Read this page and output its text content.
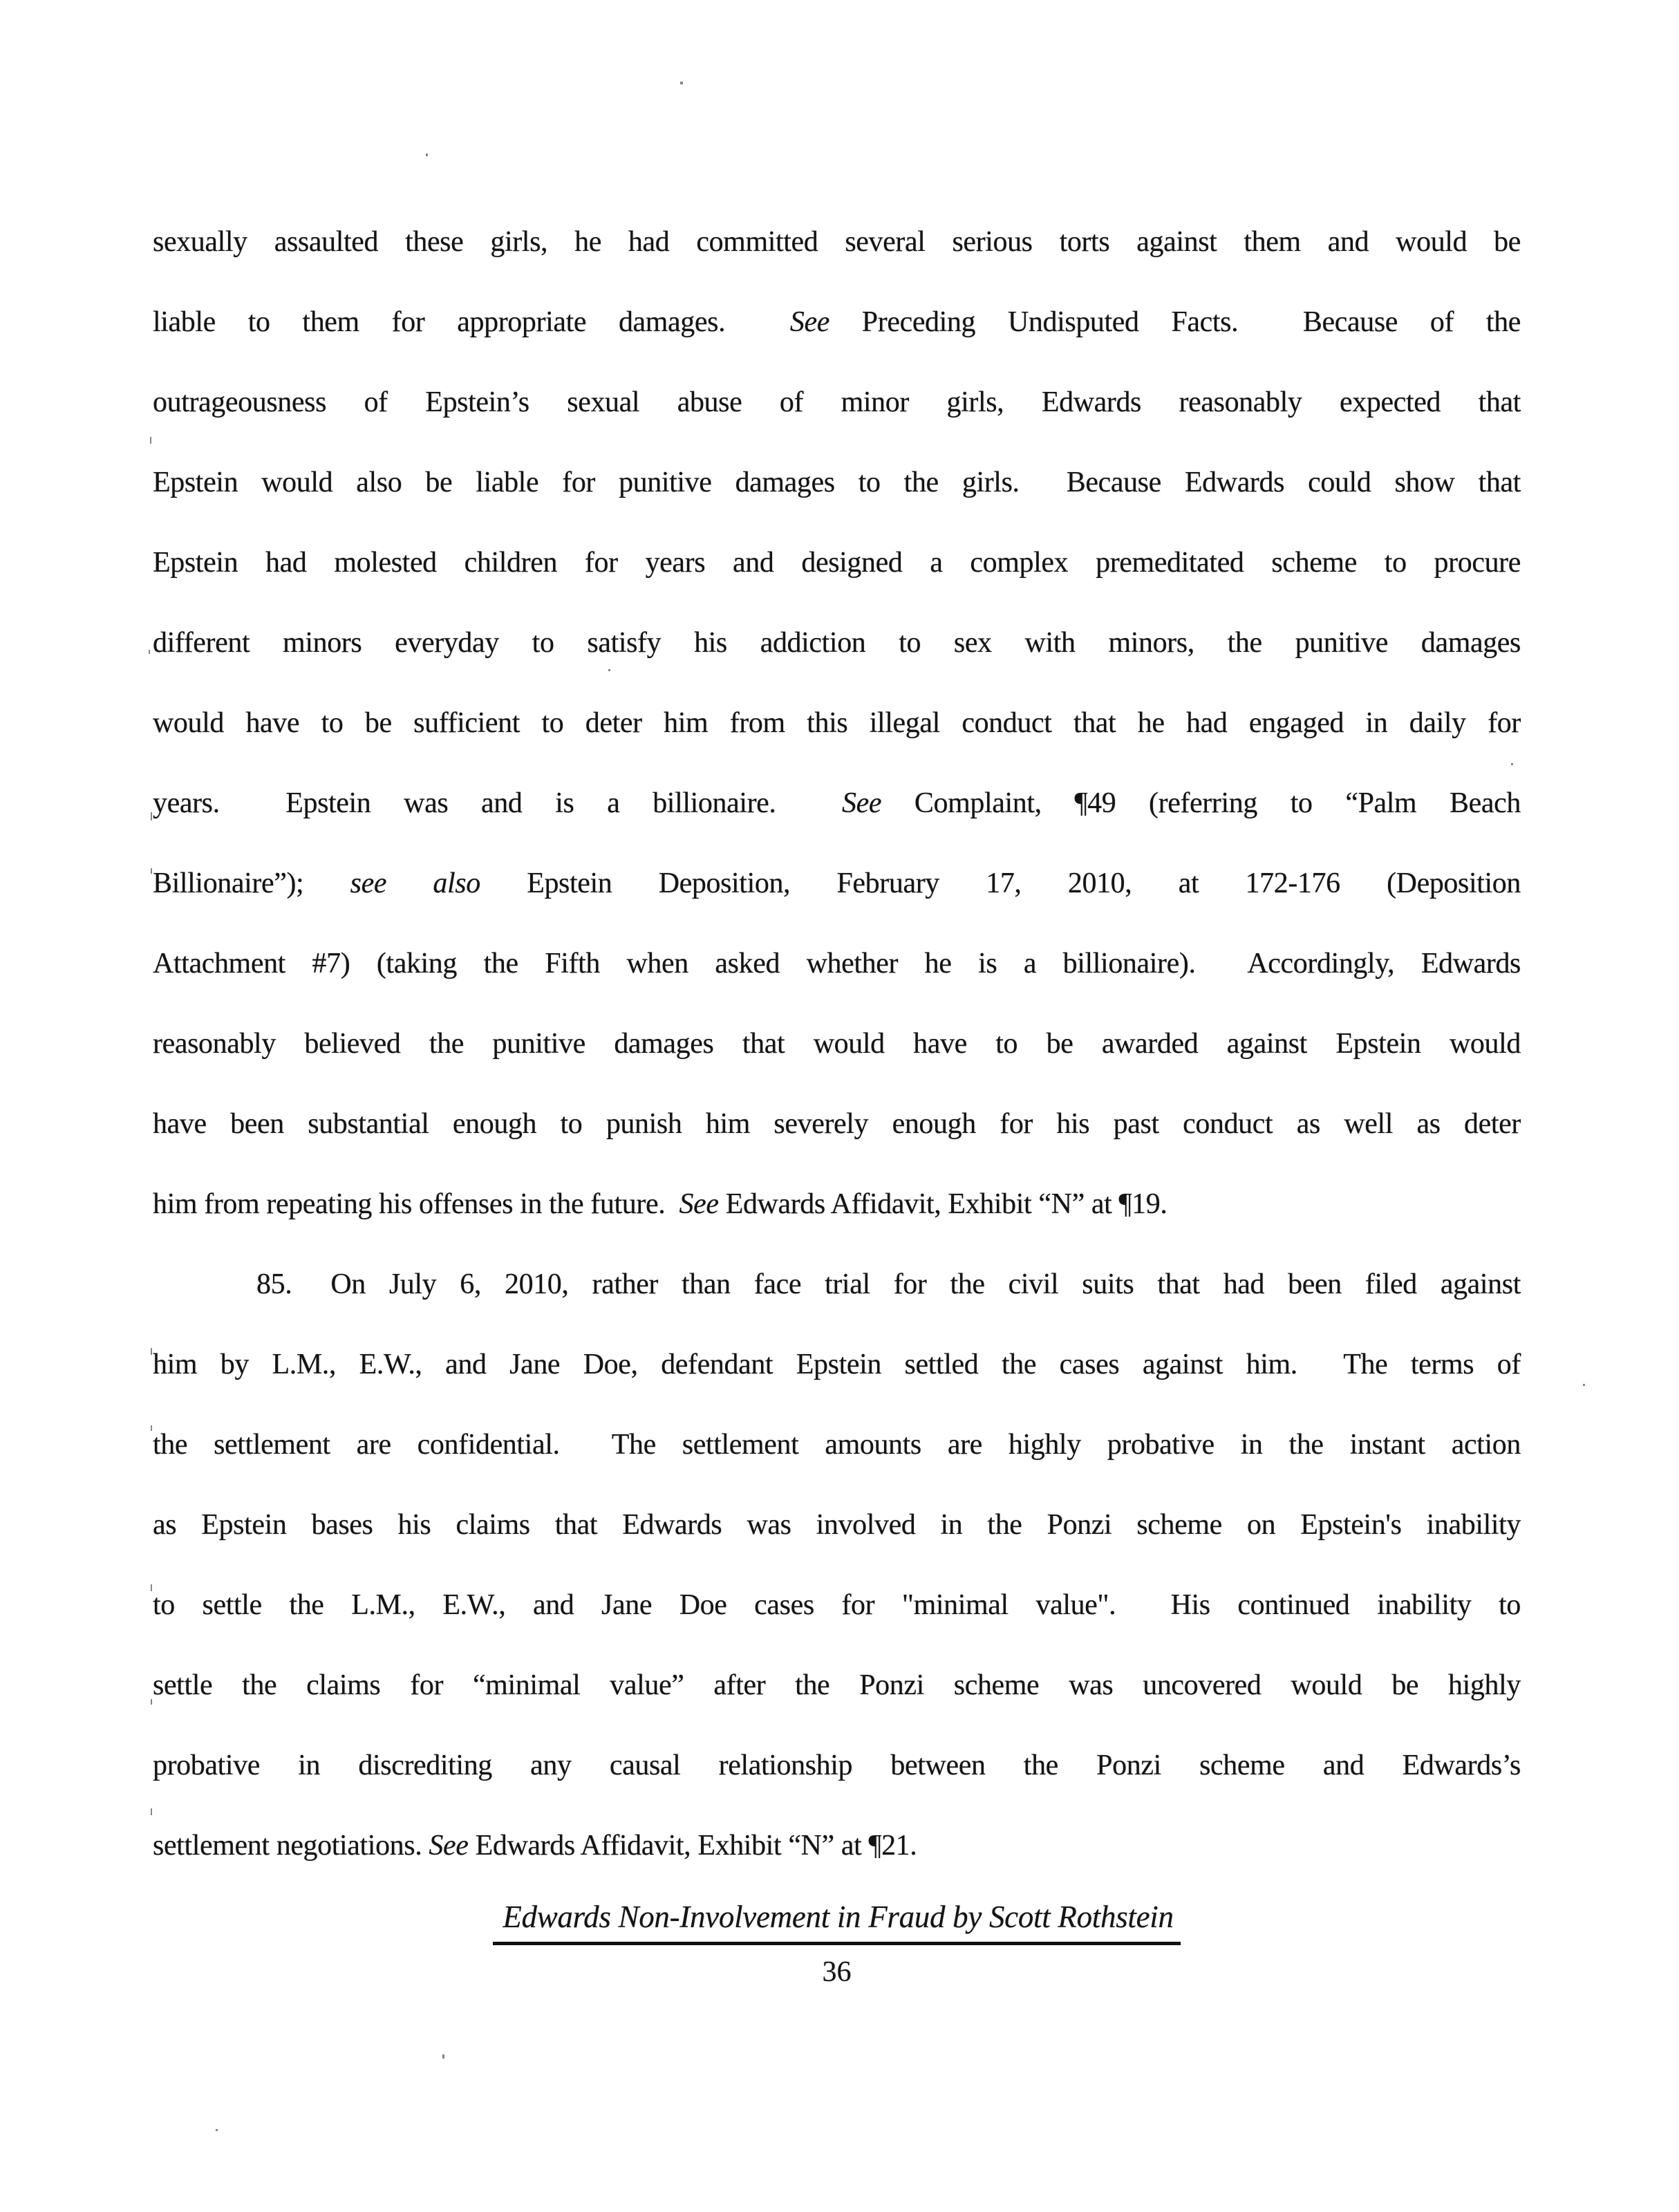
sexually assaulted these girls, he had committed several serious torts against them and would be
liable to them for appropriate damages.  See Preceding Undisputed Facts.  Because of the
outrageousness of Epstein’s sexual abuse of minor girls, Edwards reasonably expected that
Epstein would also be liable for punitive damages to the girls.  Because Edwards could show that
Epstein had molested children for years and designed a complex premeditated scheme to procure
different minors everyday to satisfy his addiction to sex with minors, the punitive damages
would have to be sufficient to deter him from this illegal conduct that he had engaged in daily for
years.  Epstein was and is a billionaire.  See Complaint, ¶49 (referring to “Palm Beach
Billionaire”); see also Epstein Deposition, February 17, 2010, at 172-176 (Deposition
Attachment #7) (taking the Fifth when asked whether he is a billionaire).  Accordingly, Edwards
reasonably believed the punitive damages that would have to be awarded against Epstein would
have been substantial enough to punish him severely enough for his past conduct as well as deter
him from repeating his offenses in the future.  See Edwards Affidavit, Exhibit “N” at ¶19.
85. On July 6, 2010, rather than face trial for the civil suits that had been filed against
him by L.M., E.W., and Jane Doe, defendant Epstein settled the cases against him.  The terms of
the settlement are confidential.  The settlement amounts are highly probative in the instant action
as Epstein bases his claims that Edwards was involved in the Ponzi scheme on Epstein's inability
to settle the L.M., E.W., and Jane Doe cases for "minimal value".  His continued inability to
settle the claims for “minimal value” after the Ponzi scheme was uncovered would be highly
probative in discrediting any causal relationship between the Ponzi scheme and Edwards’s
settlement negotiations. See Edwards Affidavit, Exhibit “N” at ¶21.
Edwards Non-Involvement in Fraud by Scott Rothstein
36
